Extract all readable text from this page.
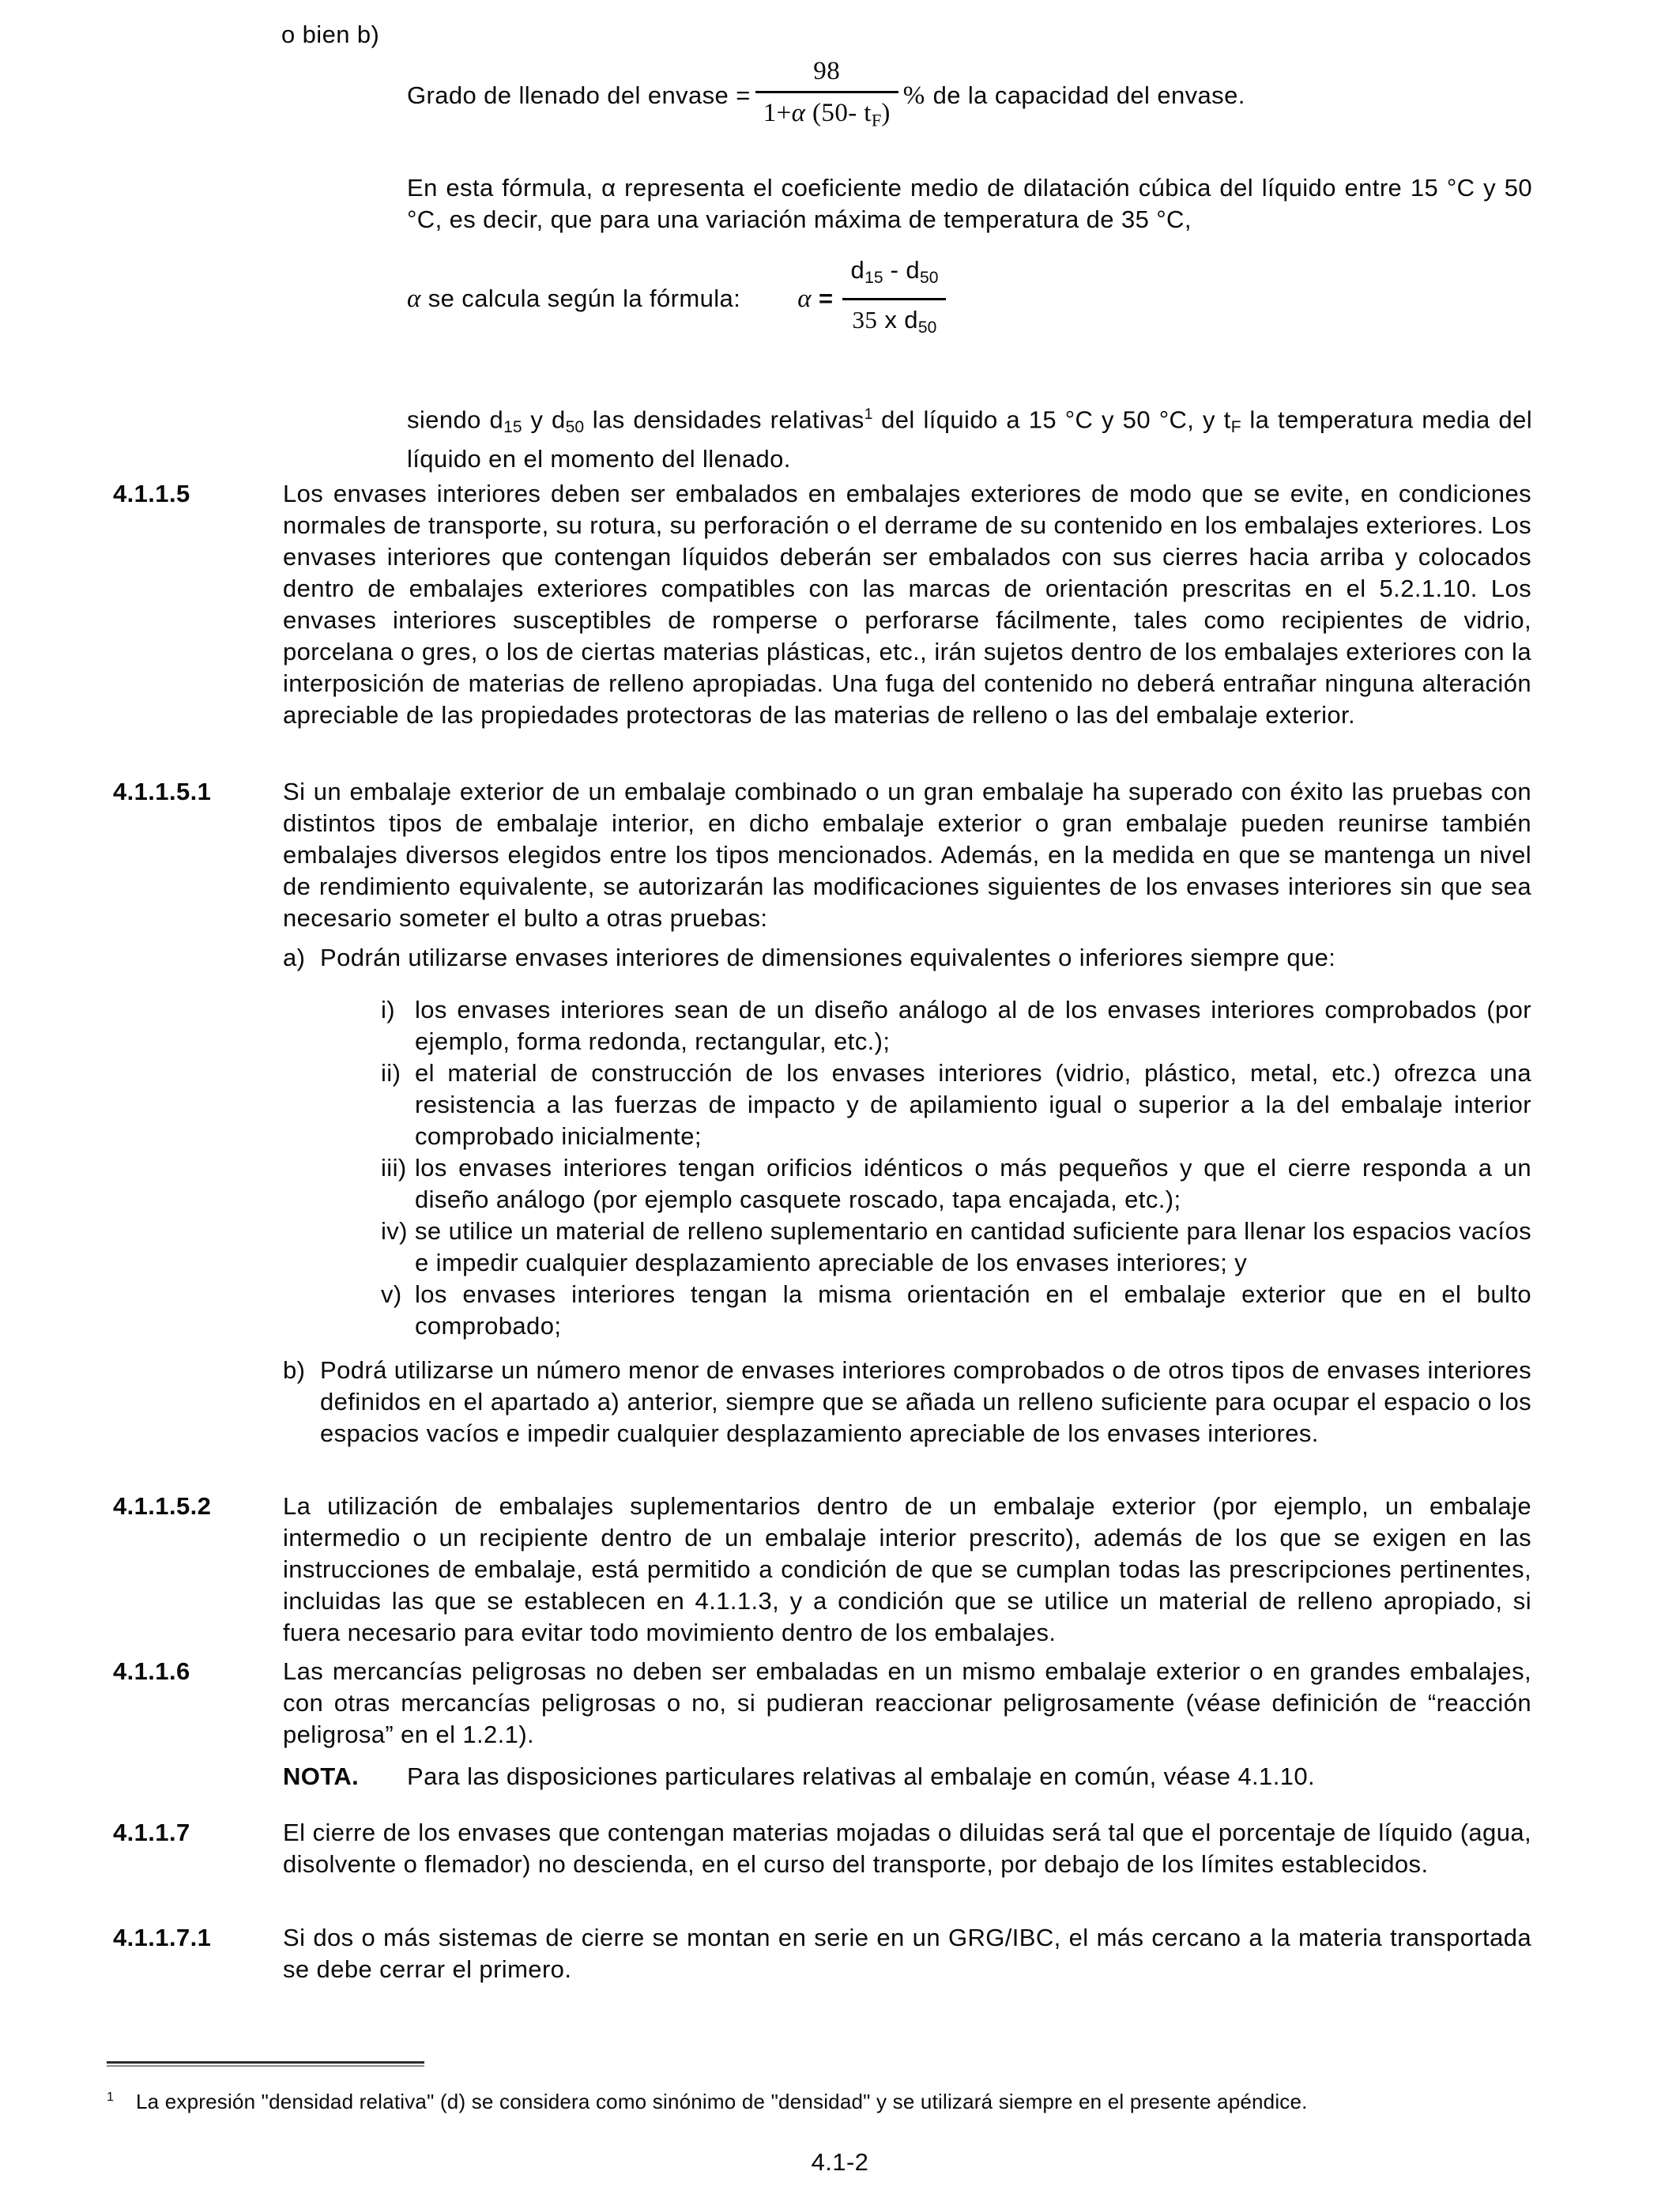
o bien b)
Grado de llenado del envase = $\frac{98}{1+\alpha (50- t_F)}$ % de la capacidad del envase.
En esta fórmula, α representa el coeficiente medio de dilatación cúbica del líquido entre 15 °C y 50 °C, es decir, que para una variación máxima de temperatura de 35 °C,
α se calcula según la fórmula: $\alpha = \frac{d_{15} - d_{50}}{35 x d_{50}}$
siendo $d_{15}$ y $d_{50}$ las densidades relativas$^1$ del líquido a 15 °C y 50 °C, y $t_F$ la temperatura media del líquido en el momento del llenado.
4.1.1.5	Los envases interiores deben ser embalados en embalajes exteriores de modo que se evite, en condiciones normales de transporte, su rotura, su perforación o el derrame de su contenido en los embalajes exteriores. Los envases interiores que contengan líquidos deberán ser embalados con sus cierres hacia arriba y colocados dentro de embalajes exteriores compatibles con las marcas de orientación prescritas en el 5.2.1.10. Los envases interiores susceptibles de romperse o perforarse fácilmente, tales como recipientes de vidrio, porcelana o gres, o los de ciertas materias plásticas, etc., irán sujetos dentro de los embalajes exteriores con la interposición de materias de relleno apropiadas. Una fuga del contenido no deberá entrañar ninguna alteración apreciable de las propiedades protectoras de las materias de relleno o las del embalaje exterior.
4.1.1.5.1	Si un embalaje exterior de un embalaje combinado o un gran embalaje ha superado con éxito las pruebas con distintos tipos de embalaje interior, en dicho embalaje exterior o gran embalaje pueden reunirse también embalajes diversos elegidos entre los tipos mencionados. Además, en la medida en que se mantenga un nivel de rendimiento equivalente, se autorizarán las modificaciones siguientes de los envases interiores sin que sea necesario someter el bulto a otras pruebas:
a) Podrán utilizarse envases interiores de dimensiones equivalentes o inferiores siempre que:
i) los envases interiores sean de un diseño análogo al de los envases interiores comprobados (por ejemplo, forma redonda, rectangular, etc.);
ii) el material de construcción de los envases interiores (vidrio, plástico, metal, etc.) ofrezca una resistencia a las fuerzas de impacto y de apilamiento igual o superior a la del embalaje interior comprobado inicialmente;
iii) los envases interiores tengan orificios idénticos o más pequeños y que el cierre responda a un diseño análogo (por ejemplo casquete roscado, tapa encajada, etc.);
iv) se utilice un material de relleno suplementario en cantidad suficiente para llenar los espacios vacíos e impedir cualquier desplazamiento apreciable de los envases interiores; y
v) los envases interiores tengan la misma orientación en el embalaje exterior que en el bulto comprobado;
b) Podrá utilizarse un número menor de envases interiores comprobados o de otros tipos de envases interiores definidos en el apartado a) anterior, siempre que se añada un relleno suficiente para ocupar el espacio o los espacios vacíos e impedir cualquier desplazamiento apreciable de los envases interiores.
4.1.1.5.2	La utilización de embalajes suplementarios dentro de un embalaje exterior (por ejemplo, un embalaje intermedio o un recipiente dentro de un embalaje interior prescrito), además de los que se exigen en las instrucciones de embalaje, está permitido a condición de que se cumplan todas las prescripciones pertinentes, incluidas las que se establecen en 4.1.1.3, y a condición que se utilice un material de relleno apropiado, si fuera necesario para evitar todo movimiento dentro de los embalajes.
4.1.1.6	Las mercancías peligrosas no deben ser embaladas en un mismo embalaje exterior o en grandes embalajes, con otras mercancías peligrosas o no, si pudieran reaccionar peligrosamente (véase definición de “reacción peligrosa” en el 1.2.1).
NOTA. Para las disposiciones particulares relativas al embalaje en común, véase 4.1.10.
4.1.1.7	El cierre de los envases que contengan materias mojadas o diluidas será tal que el porcentaje de líquido (agua, disolvente o flemador) no descienda, en el curso del transporte, por debajo de los límites establecidos.
4.1.1.7.1	Si dos o más sistemas de cierre se montan en serie en un GRG/IBC, el más cercano a la materia transportada se debe cerrar el primero.
$^1$ La expresión "densidad relativa" (d) se considera como sinónimo de "densidad" y se utilizará siempre en el presente apéndice.
4.1-2
